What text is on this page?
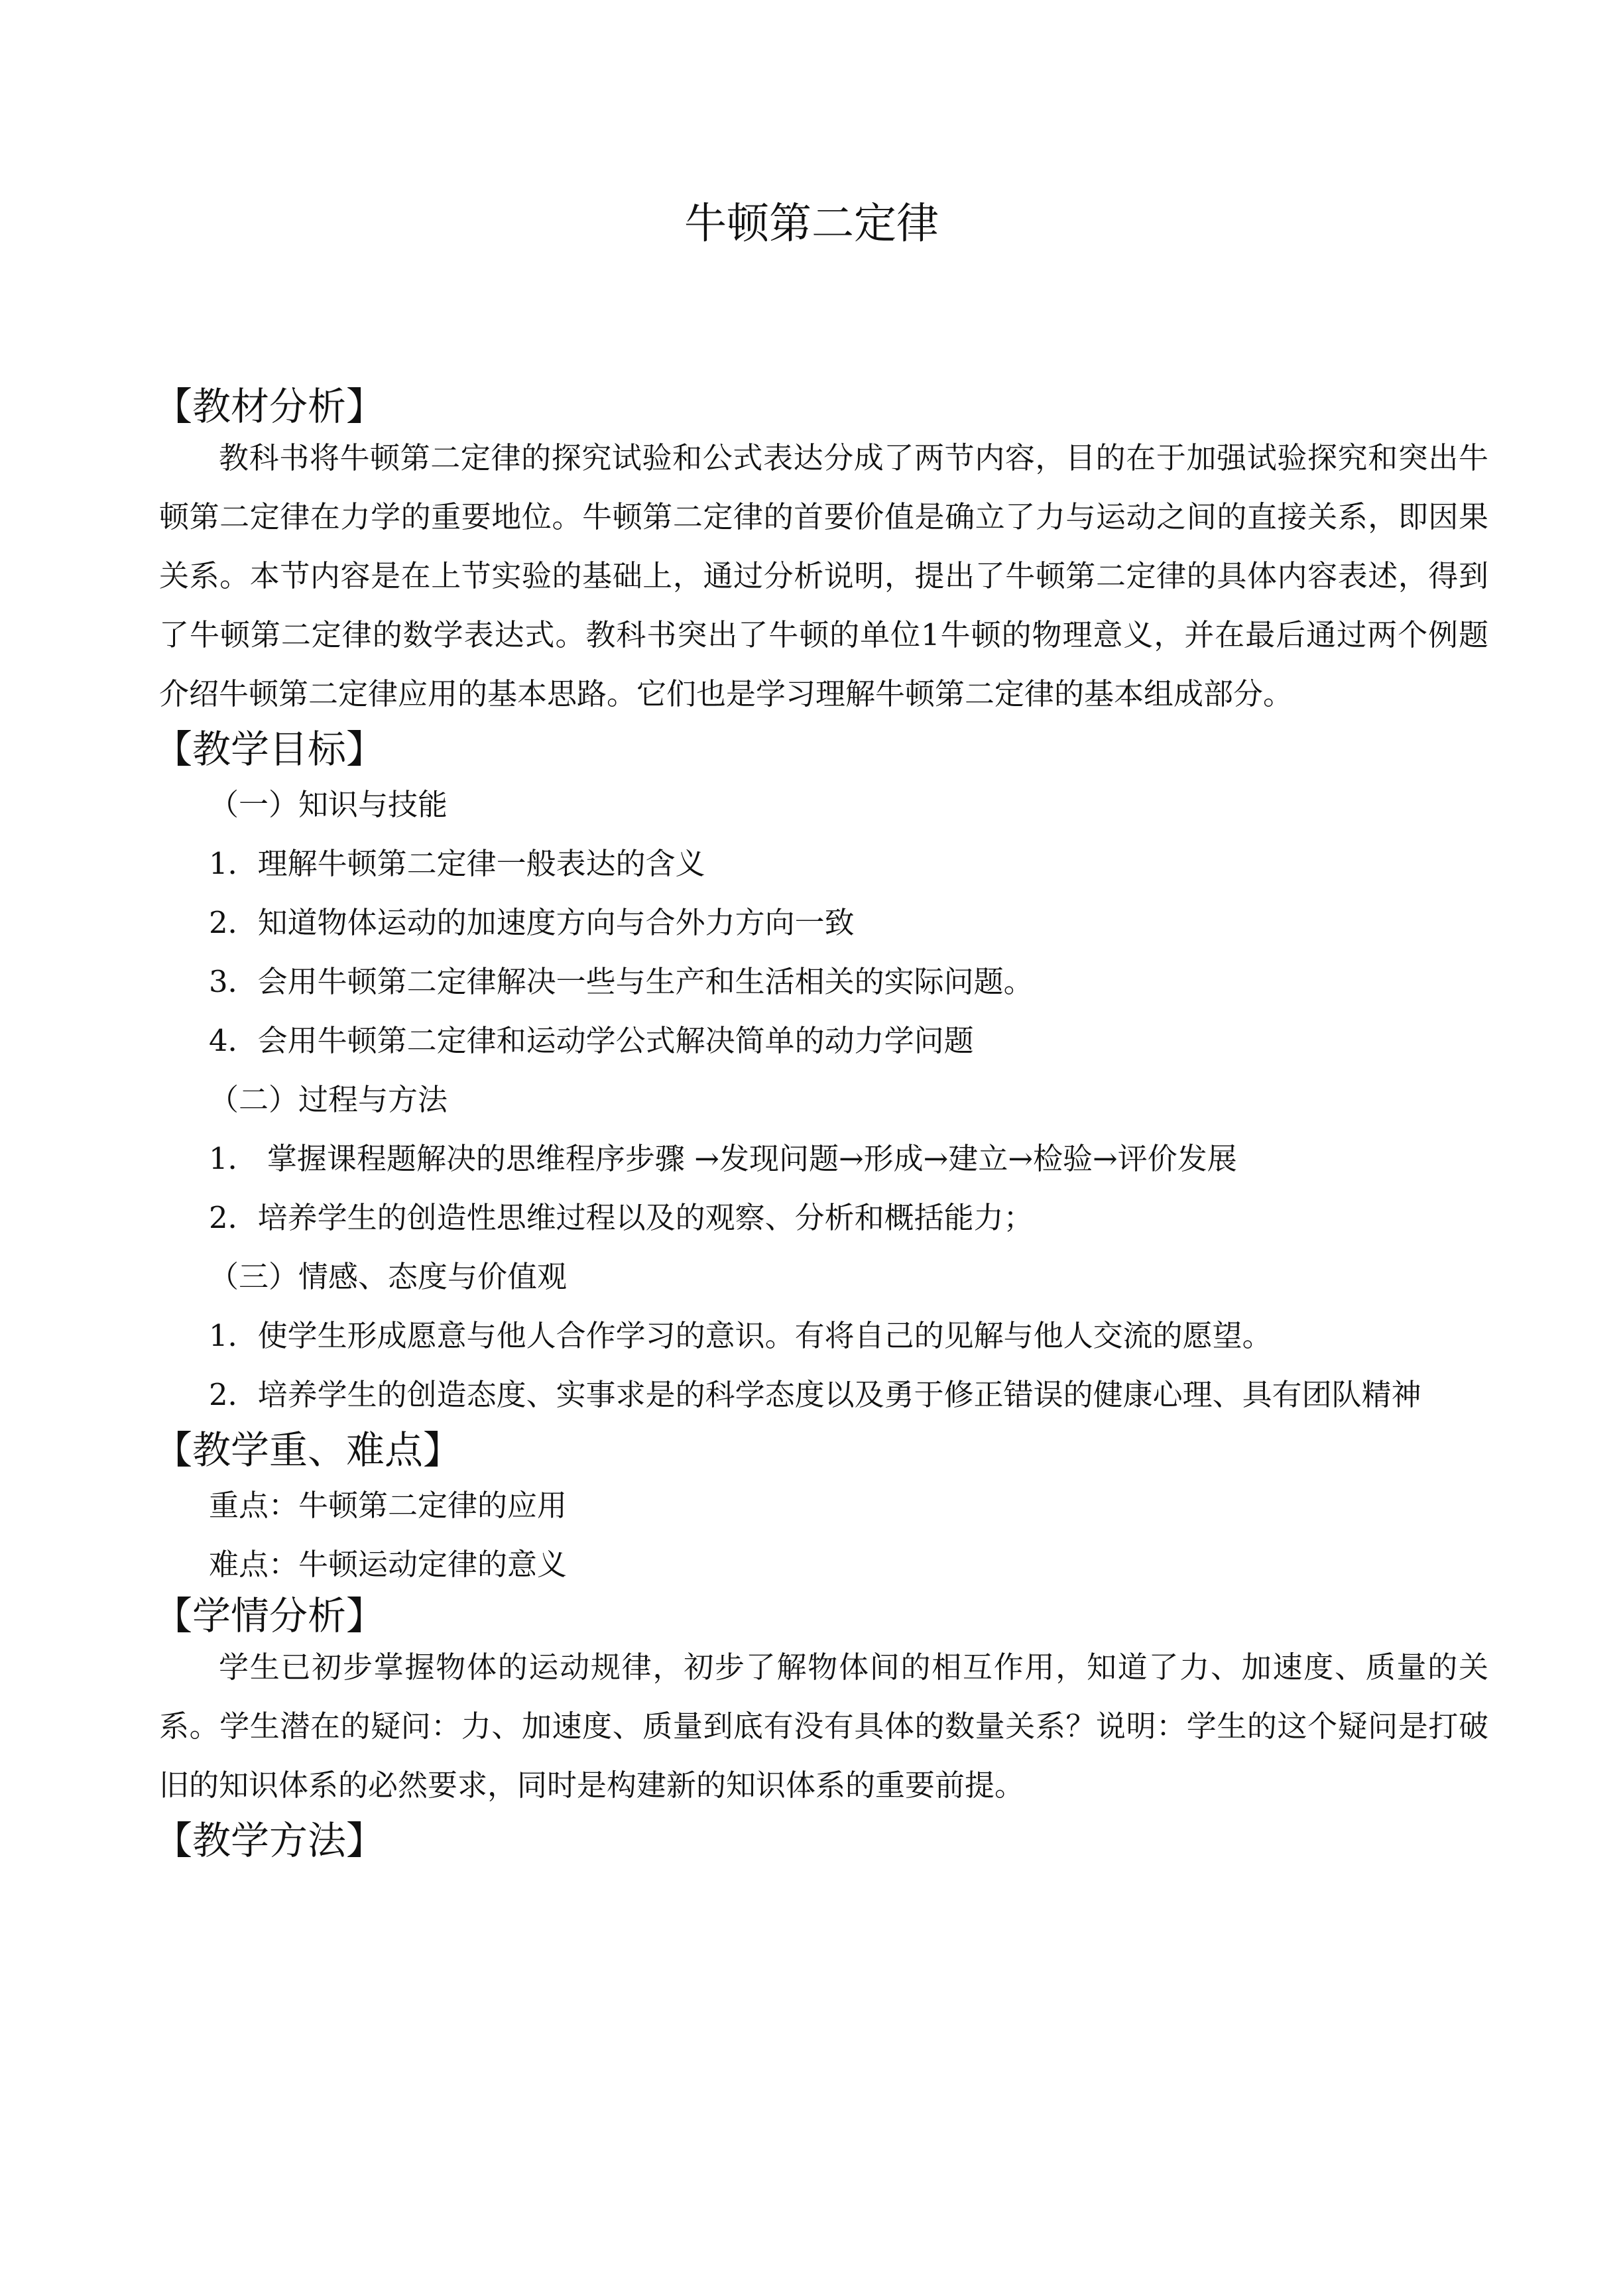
牛顿第二定律
【教材分析】

教科书将牛顿第二定律的探究试验和公式表达分成了两节内容，目的在于加强试验探究和突出牛顿第二定律在力学的重要地位。牛顿第二定律的首要价值是确立了力与运动之间的直接关系，即因果关系。本节内容是在上节实验的基础上，通过分析说明，提出了牛顿第二定律的具体内容表述，得到了牛顿第二定律的数学表达式。教科书突出了牛顿的单位1牛顿的物理意义，并在最后通过两个例题介绍牛顿第二定律应用的基本思路。它们也是学习理解牛顿第二定律的基本组成部分。

【教学目标】

（一）知识与技能

1．理解牛顿第二定律一般表达的含义

2．知道物体运动的加速度方向与合外力方向一致

3．会用牛顿第二定律解决一些与生产和生活相关的实际问题。

4．会用牛顿第二定律和运动学公式解决简单的动力学问题

（二）过程与方法

1． 掌握课程题解决的思维程序步骤 →发现问题→形成→建立→检验→评价发展

2．培养学生的创造性思维过程以及的观察、分析和概括能力；

（三）情感、态度与价值观

1．使学生形成愿意与他人合作学习的意识。有将自己的见解与他人交流的愿望。

2．培养学生的创造态度、实事求是的科学态度以及勇于修正错误的健康心理、具有团队精神

【教学重、难点】

重点：牛顿第二定律的应用

难点：牛顿运动定律的意义

【学情分析】

学生已初步掌握物体的运动规律，初步了解物体间的相互作用，知道了力、加速度、质量的关系。学生潜在的疑问：力、加速度、质量到底有没有具体的数量关系？说明：学生的这个疑问是打破旧的知识体系的必然要求，同时是构建新的知识体系的重要前提。

【教学方法】
